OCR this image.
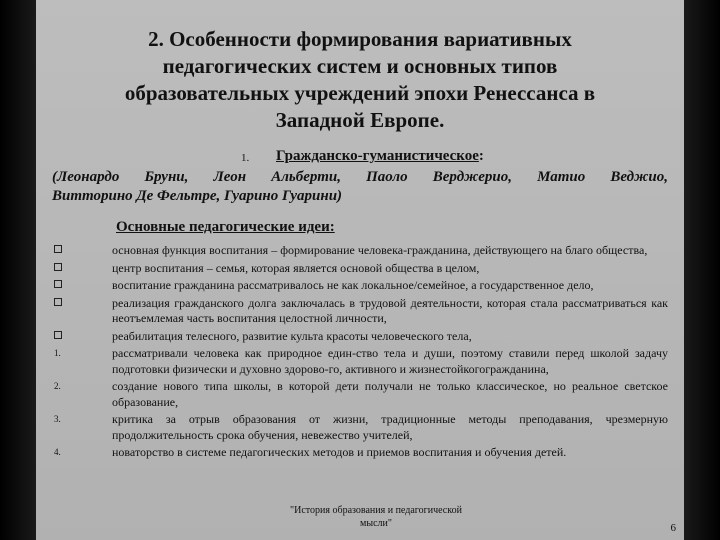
2. Особенности формирования вариативных
педагогических систем и основных типов
образовательных учреждений эпохи Ренессанса в
Западной Европе.
1. Гражданско-гуманистическое:
(Леонардо Бруни, Леон Альберти, Паоло Верджерио, Матио Веджио,
Витторино Де Фельтре, Гуарино Гуарини)
Основные педагогические идеи:
основная функция воспитания – формирование человека-гражданина, действующего на благо общества,
центр воспитания – семья, которая является основой общества в целом,
воспитание гражданина рассматривалось не как локальное/семейное, а государственное дело,
реализация гражданского долга заключалась в трудовой деятельности, которая стала рассматриваться как неотъемлемая часть воспитания целостной личности,
реабилитация телесного, развитие культа красоты человеческого тела,
1.	рассматривали человека как природное един-ство тела и души, поэтому ставили перед школой задачу подготовки физически и духовно здорово-го, активного и жизнестойкогогражданина,
2.	создание нового типа школы, в которой дети получали не только классическое, но реальное светское образование,
3.	критика за отрыв образования от жизни, традиционные методы преподавания, чрезмерную продолжительность срока обучения, невежество учителей,
4.	новаторство в системе педагогических методов и приемов воспитания и обучения детей.
"История образования и педагогической
мысли"	6
